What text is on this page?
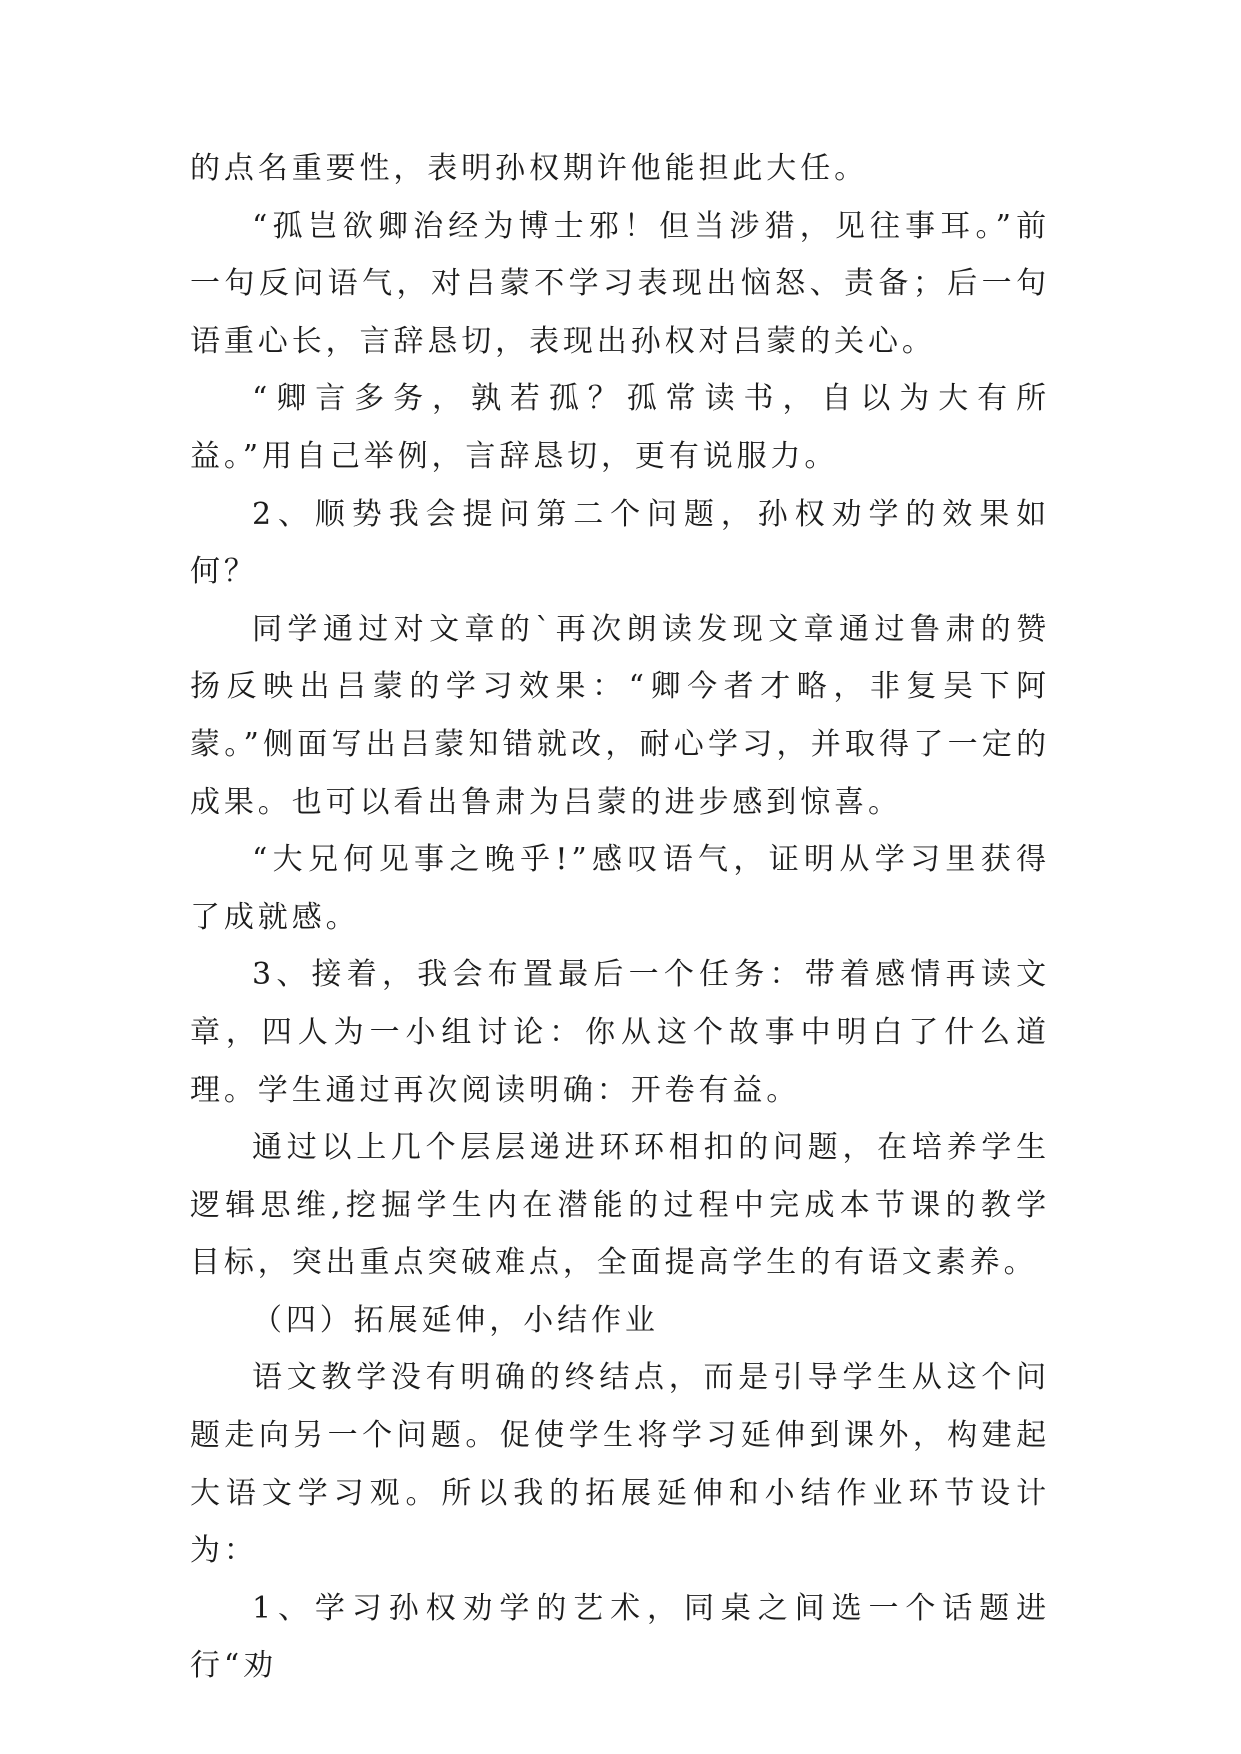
的点名重要性，表明孙权期许他能担此大任。

“孤岂欲卿治经为博士邪！但当涉猎，见往事耳。”前一句反问语气，对吕蒙不学习表现出恼怒、责备；后一句语重心长，言辞恳切，表现出孙权对吕蒙的关心。

“卿言多务，孰若孤？孤常读书，自以为大有所益。”用自己举例，言辞恳切，更有说服力。

2、顺势我会提问第二个问题，孙权劝学的效果如何？

同学通过对文章的`再次朗读发现文章通过鲁肃的赞扬反映出吕蒙的学习效果：“卿今者才略，非复吴下阿蒙。”侧面写出吕蒙知错就改，耐心学习，并取得了一定的成果。也可以看出鲁肃为吕蒙的进步感到惊喜。

“大兄何见事之晚乎!”感叹语气，证明从学习里获得了成就感。

3、接着，我会布置最后一个任务：带着感情再读文章，四人为一小组讨论：你从这个故事中明白了什么道理。学生通过再次阅读明确：开卷有益。

通过以上几个层层递进环环相扣的问题，在培养学生逻辑思维,挖掘学生内在潜能的过程中完成本节课的教学目标，突出重点突破难点，全面提高学生的有语文素养。

（四）拓展延伸，小结作业

语文教学没有明确的终结点，而是引导学生从这个问题走向另一个问题。促使学生将学习延伸到课外，构建起大语文学习观。所以我的拓展延伸和小结作业环节设计为：

1、学习孙权劝学的艺术，同桌之间选一个话题进行“劝
